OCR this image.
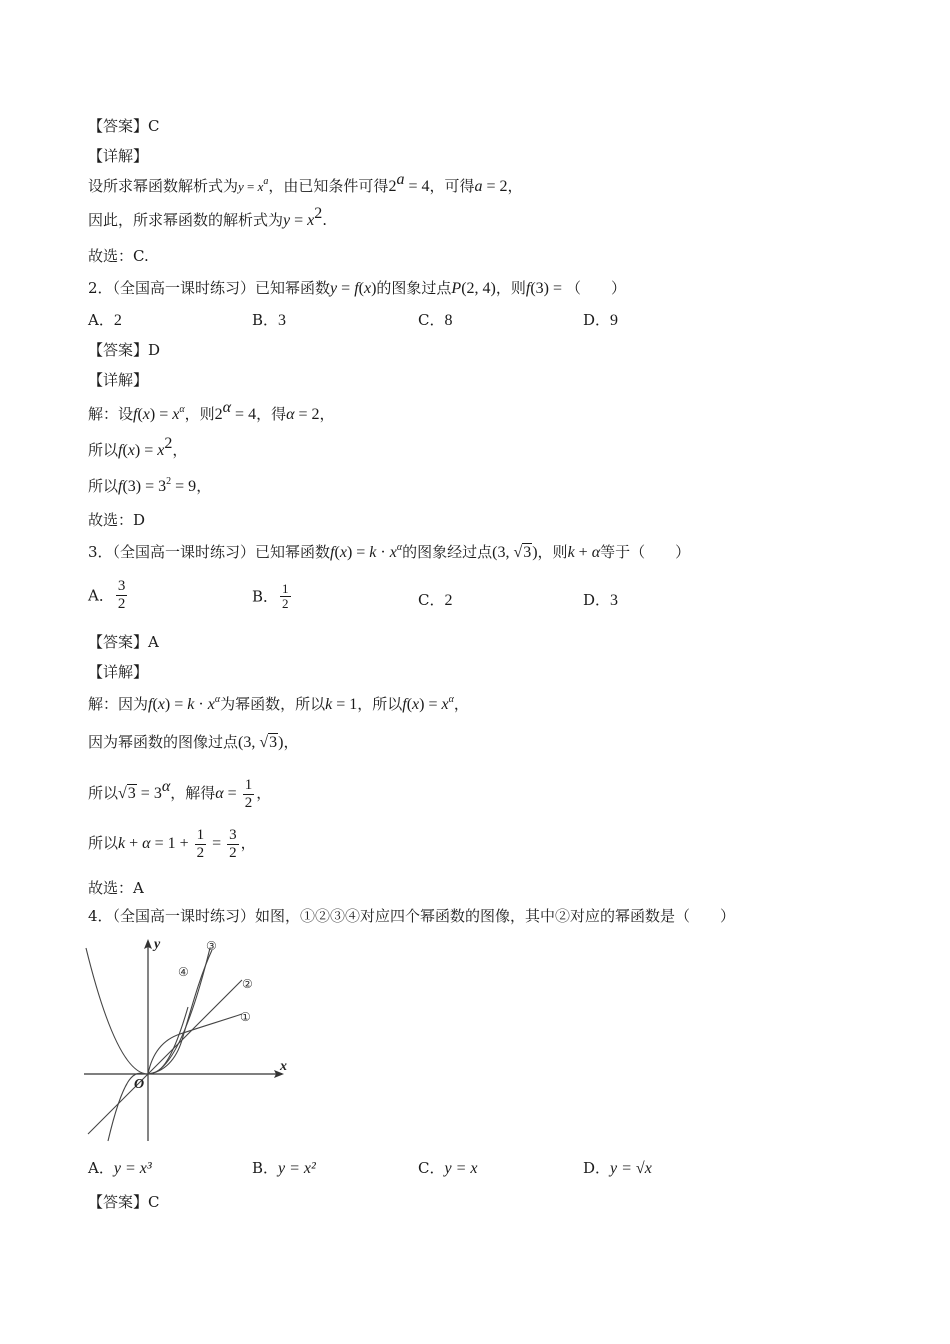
【答案】C
【详解】
设所求幂函数解析式为$y = x^a$，由已知条件可得$2^a = 4$，可得a = 2，
因此，所求幂函数的解析式为$y = x^2$.
故选：C.
2．（全国高一课时练习）已知幂函数y = f(x)的图象过点P(2, 4)，则f(3) = （　　）
A．2	B．3	C．8	D．9
【答案】D
【详解】
解：设$f(x) = x^\alpha$，则$2^\alpha = 4$，得α = 2，
所以$f(x) = x^2$，
所以$f(3) = 3^2 = 9$，
故选：D
3．（全国高一课时练习）已知幂函数$f(x) = k \cdot x^\alpha$的图象经过点(3, √3)，则k + α等于（　　）
A． $\frac{3}{2}$	B． $\frac{1}{2}$	C．2	D．3
【答案】A
【详解】
解：因为$f(x) = k \cdot x^\alpha$为幂函数，所以k = 1，所以$f(x) = x^\alpha$，
因为幂函数的图像过点(3, √3)，
所以$√3 = 3^\alpha$，解得$\alpha = \frac{1}{2}$ ，
所以$k + \alpha = 1 + \frac{1}{2} = \frac{3}{2}$ ，
故选：A
4．（全国高一课时练习）如图，①②③④对应四个幂函数的图像，其中②对应的幂函数是（　　）
x
y
O
①
②
③
④
A．y = x³	B．y = x²	C．y = x	D．y = √x
【答案】C
